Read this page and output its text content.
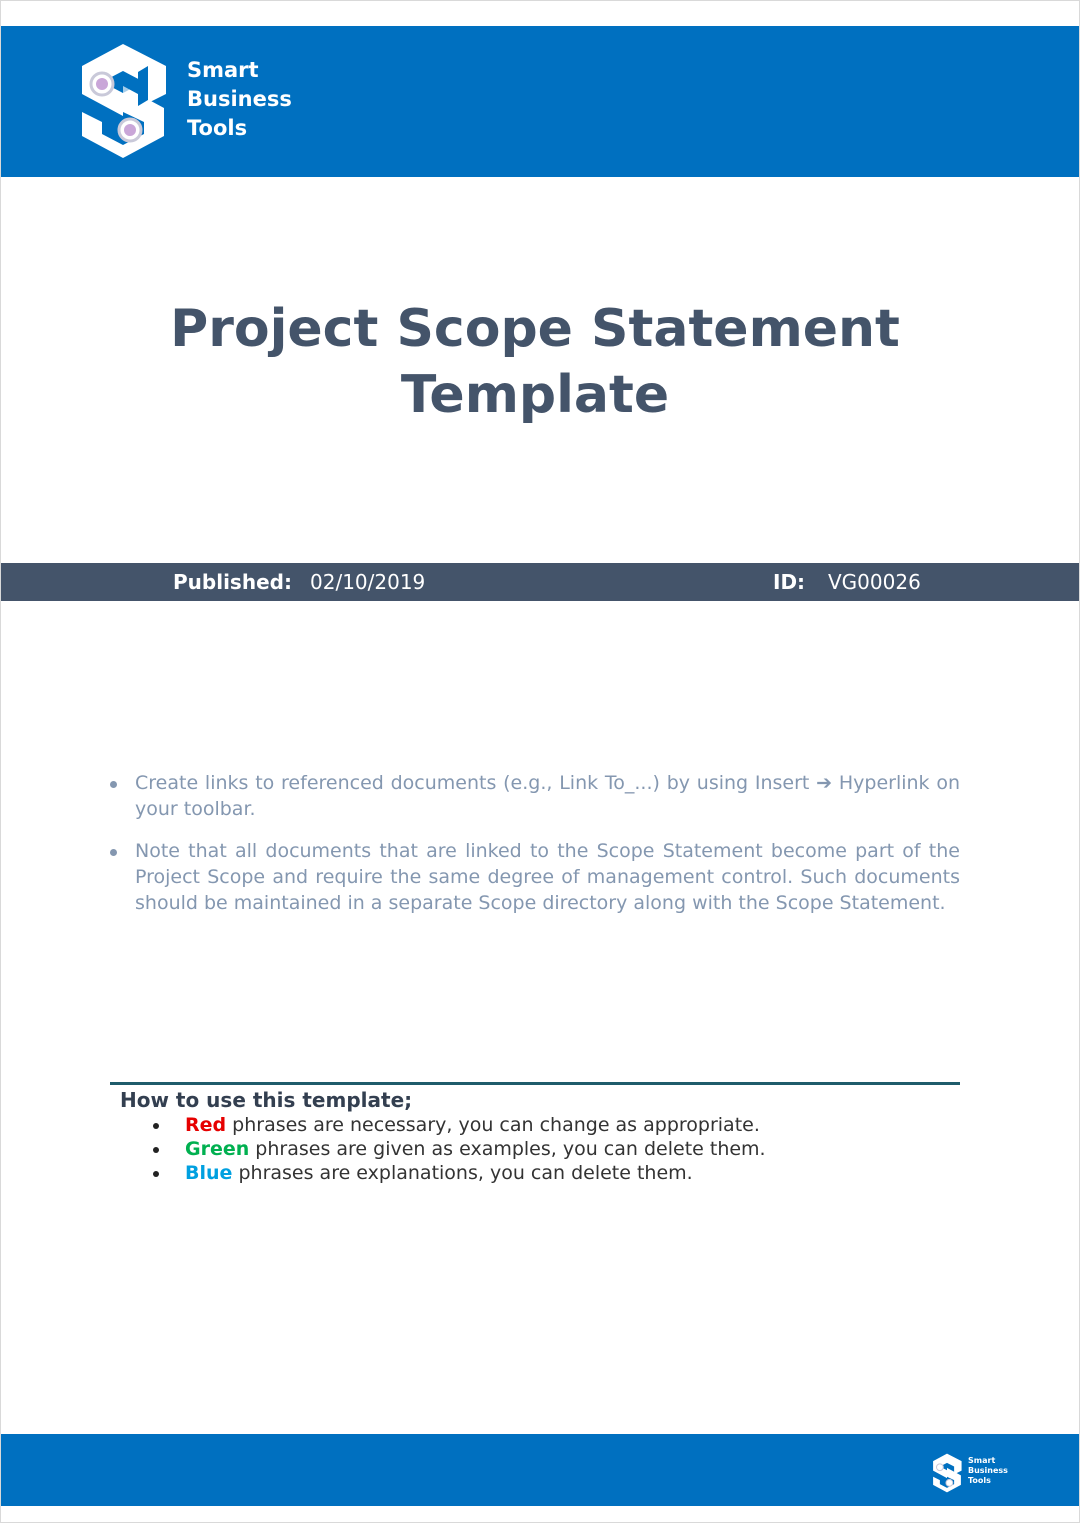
Smart
Business
Tools
Project Scope Statement
Template
Published: 02/10/2019	ID: VG00026
Create links to referenced documents (e.g., Link To_...) by using Insert ➔ Hyperlink on your toolbar.
Note that all documents that are linked to the Scope Statement become part of the Project Scope and require the same degree of management control. Such documents should be maintained in a separate Scope directory along with the Scope Statement.
How to use this template;
Red phrases are necessary, you can change as appropriate.
Green phrases are given as examples, you can delete them.
Blue phrases are explanations, you can delete them.
Smart
Business
Tools
